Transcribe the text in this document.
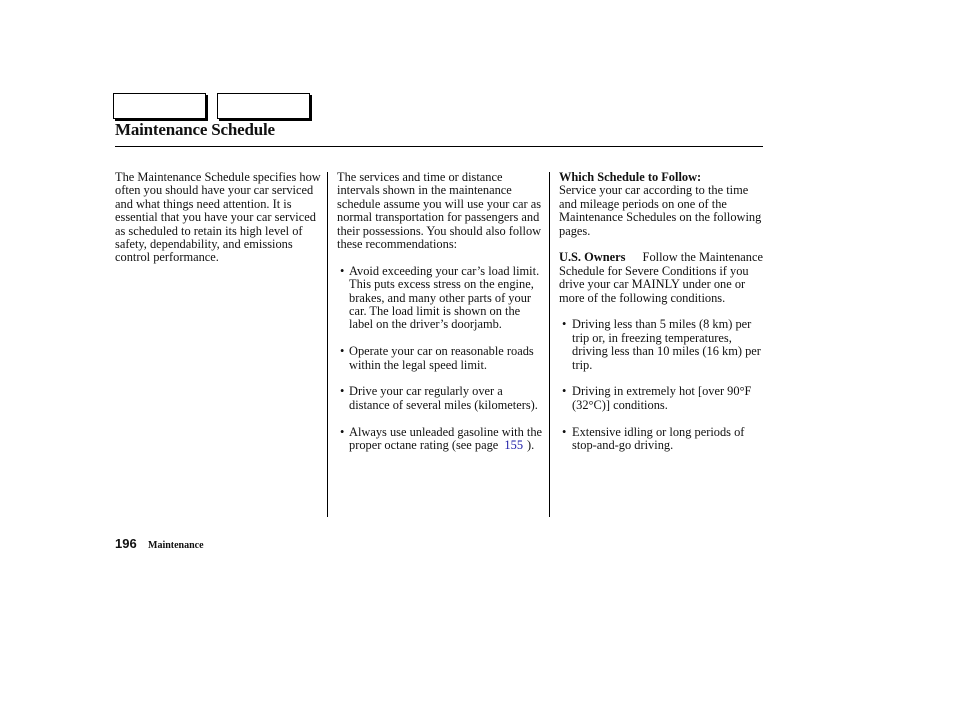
Maintenance Schedule

The Maintenance Schedule specifies how often you should have your car serviced and what things need attention. It is essential that you have your car serviced as scheduled to retain its high level of safety, dependability, and emissions control performance.

The services and time or distance intervals shown in the maintenance schedule assume you will use your car as normal transportation for passengers and their possessions. You should also follow these recommendations:

• Avoid exceeding your car’s load limit. This puts excess stress on the engine, brakes, and many other parts of your car. The load limit is shown on the label on the driver’s doorjamb.
• Operate your car on reasonable roads within the legal speed limit.
• Drive your car regularly over a distance of several miles (kilometers).
• Always use unleaded gasoline with the proper octane rating (see page 155 ).

Which Schedule to Follow:
Service your car according to the time and mileage periods on one of the Maintenance Schedules on the following pages.

U.S. Owners Follow the Maintenance Schedule for Severe Conditions if you drive your car MAINLY under one or more of the following conditions.

• Driving less than 5 miles (8 km) per trip or, in freezing temperatures, driving less than 10 miles (16 km) per trip.
• Driving in extremely hot [over 90°F (32°C)] conditions.
• Extensive idling or long periods of stop-and-go driving.
196 Maintenance
